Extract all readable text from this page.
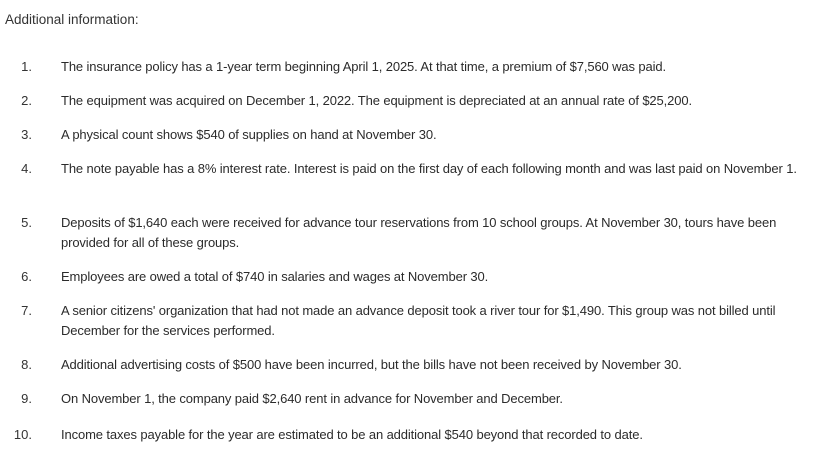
Additional information:
1. The insurance policy has a 1-year term beginning April 1, 2025. At that time, a premium of $7,560 was paid.
2. The equipment was acquired on December 1, 2022. The equipment is depreciated at an annual rate of $25,200.
3. A physical count shows $540 of supplies on hand at November 30.
4. The note payable has a 8% interest rate. Interest is paid on the first day of each following month and was last paid on November 1.
5. Deposits of $1,640 each were received for advance tour reservations from 10 school groups. At November 30, tours have been provided for all of these groups.
6. Employees are owed a total of $740 in salaries and wages at November 30.
7. A senior citizens' organization that had not made an advance deposit took a river tour for $1,490. This group was not billed until December for the services performed.
8. Additional advertising costs of $500 have been incurred, but the bills have not been received by November 30.
9. On November 1, the company paid $2,640 rent in advance for November and December.
10. Income taxes payable for the year are estimated to be an additional $540 beyond that recorded to date.
